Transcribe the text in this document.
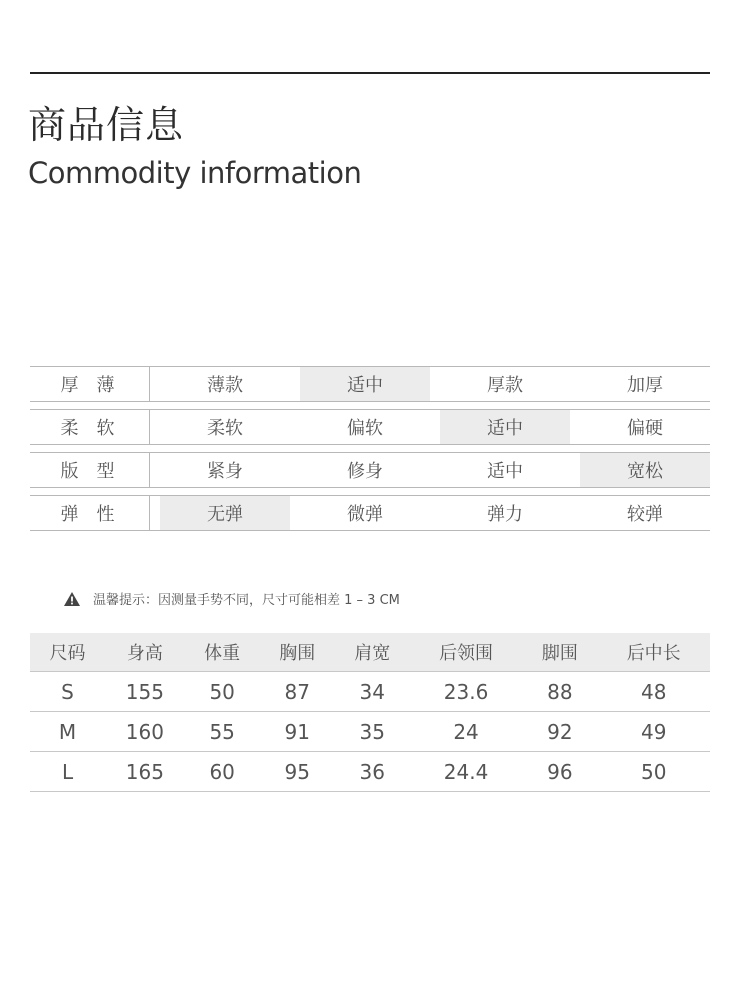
商品信息
Commodity information
厚薄	薄款	适中	厚款	加厚
柔软	柔软	偏软	适中	偏硬
版型	紧身	修身	适中	宽松
弹性	无弹	微弹	弹力	较弹
温馨提示：因测量手势不同，尺寸可能相差 1 – 3 CM
尺码	身高	体重	胸围	肩宽	后领围	脚围	后中长
S	155	50	87	34	23.6	88	48
M	160	55	91	35	24	92	49
L	165	60	95	36	24.4	96	50
